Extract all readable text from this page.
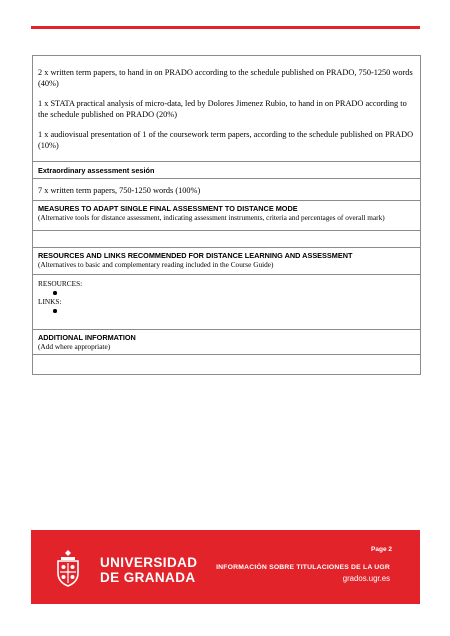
2 x written term papers, to hand in on PRADO according to the schedule published on PRADO, 750-1250 words (40%)
1 x STATA practical analysis of micro-data, led by Dolores Jimenez Rubio, to hand in on PRADO according to the schedule published on PRADO (20%)
1 x audiovisual presentation of 1 of the coursework term papers, according to the schedule published on PRADO (10%)
Extraordinary assessment sesión
7 x written term papers, 750-1250 words (100%)
MEASURES TO ADAPT SINGLE FINAL ASSESSMENT TO DISTANCE MODE
(Alternative tools for distance assessment, indicating assessment instruments, criteria and percentages of overall mark)
RESOURCES AND LINKS RECOMMENDED FOR DISTANCE LEARNING AND ASSESSMENT
(Alternatives to basic and complementary reading included in the Course Guide)
RESOURCES:
LINKS:
ADDITIONAL INFORMATION
(Add where appropriate)
UNIVERSIDAD
DE GRANADA
Page 2
INFORMACIÓN SOBRE TITULACIONES DE LA UGR
grados.ugr.es
